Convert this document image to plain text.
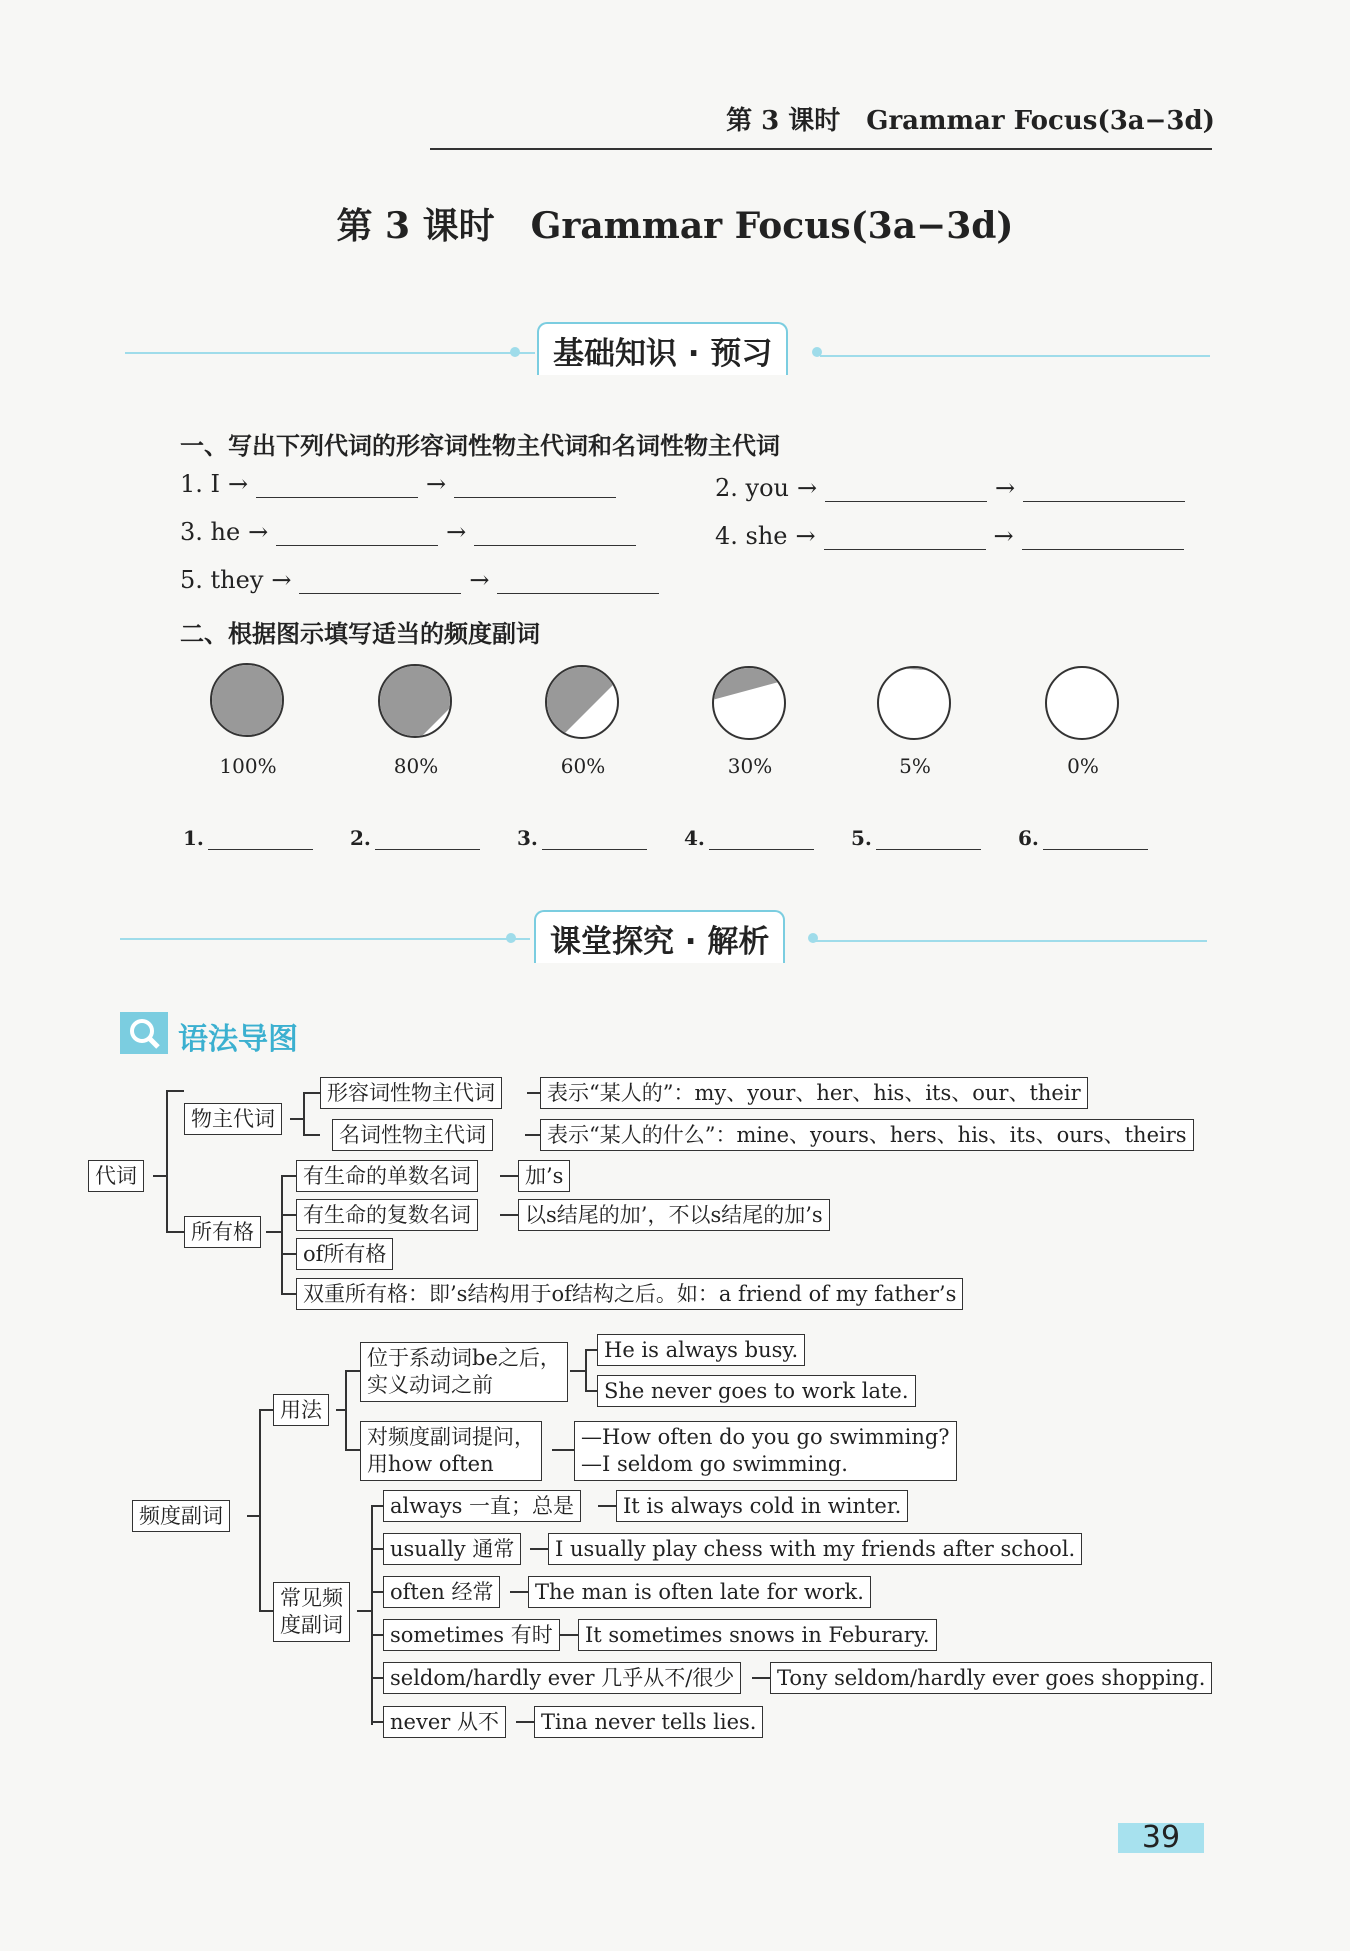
第 3 课时　Grammar Focus(3a−3d)
第 3 课时　Grammar Focus(3a−3d)
基础知识 · 预习
一、写出下列代词的形容词性物主代词和名词性物主代词
1. I →	→	2. you →	→
3. he →	→	4. she →	→
5. they →	→
二、根据图示填写适当的频度副词
100%
1.
80%
2.
60%
3.
30%
4.
5%
5.
0%
6.
课堂探究 · 解析
语法导图
代词
物主代词
形容词性物主代词	表示“某人的”：my、your、her、his、its、our、their
名词性物主代词	表示“某人的什么”：mine、yours、hers、his、its、ours、theirs
所有格
有生命的单数名词	加’s
有生命的复数名词	以s结尾的加’，不以s结尾的加’s
of所有格
双重所有格：即’s结构用于of结构之后。如：a friend of my father’s
频度副词
用法
位于系动词be之后，
实义动词之前
He is always busy.
She never goes to work late.
对频度副词提问，
用how often
—How often do you go swimming?
—I seldom go swimming.
常见频
度副词
always 一直；总是	It is always cold in winter.
usually 通常	I usually play chess with my friends after school.
often 经常	The man is often late for work.
sometimes 有时	It sometimes snows in Feburary.
seldom/hardly ever 几乎从不/很少	Tony seldom/hardly ever goes shopping.
never 从不	Tina never tells lies.
39
